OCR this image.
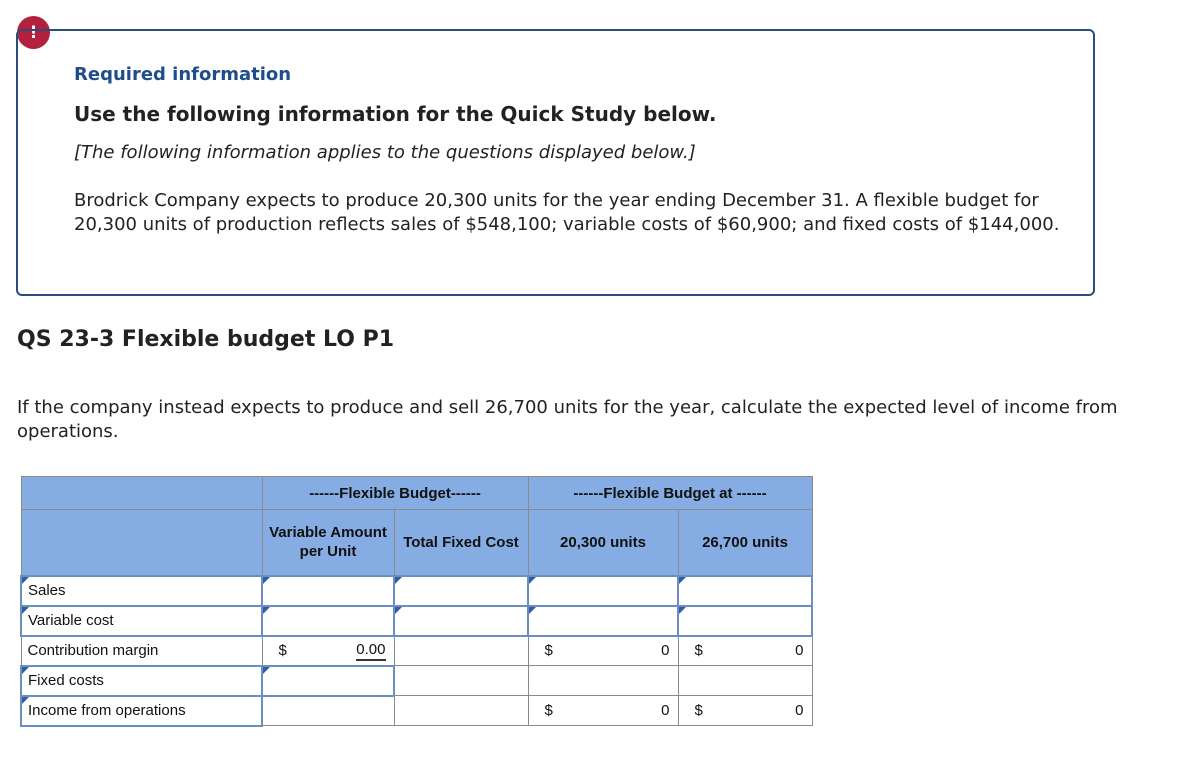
!
Required information
Use the following information for the Quick Study below.
[The following information applies to the questions displayed below.]
Brodrick Company expects to produce 20,300 units for the year ending December 31. A flexible budget for 20,300 units of production reflects sales of $548,100; variable costs of $60,900; and fixed costs of $144,000.
QS 23-3 Flexible budget LO P1
If the company instead expects to produce and sell 26,700 units for the year, calculate the expected level of income from operations.
	------Flexible Budget------		------Flexible Budget at ------	
	Variable Amount per Unit	Total Fixed Cost	20,300 units	26,700 units
Sales				
Variable cost				
Contribution margin	$ 0.00		$ 0	$ 0

Fixed costs				
Income from operations			$ 0	$ 0
